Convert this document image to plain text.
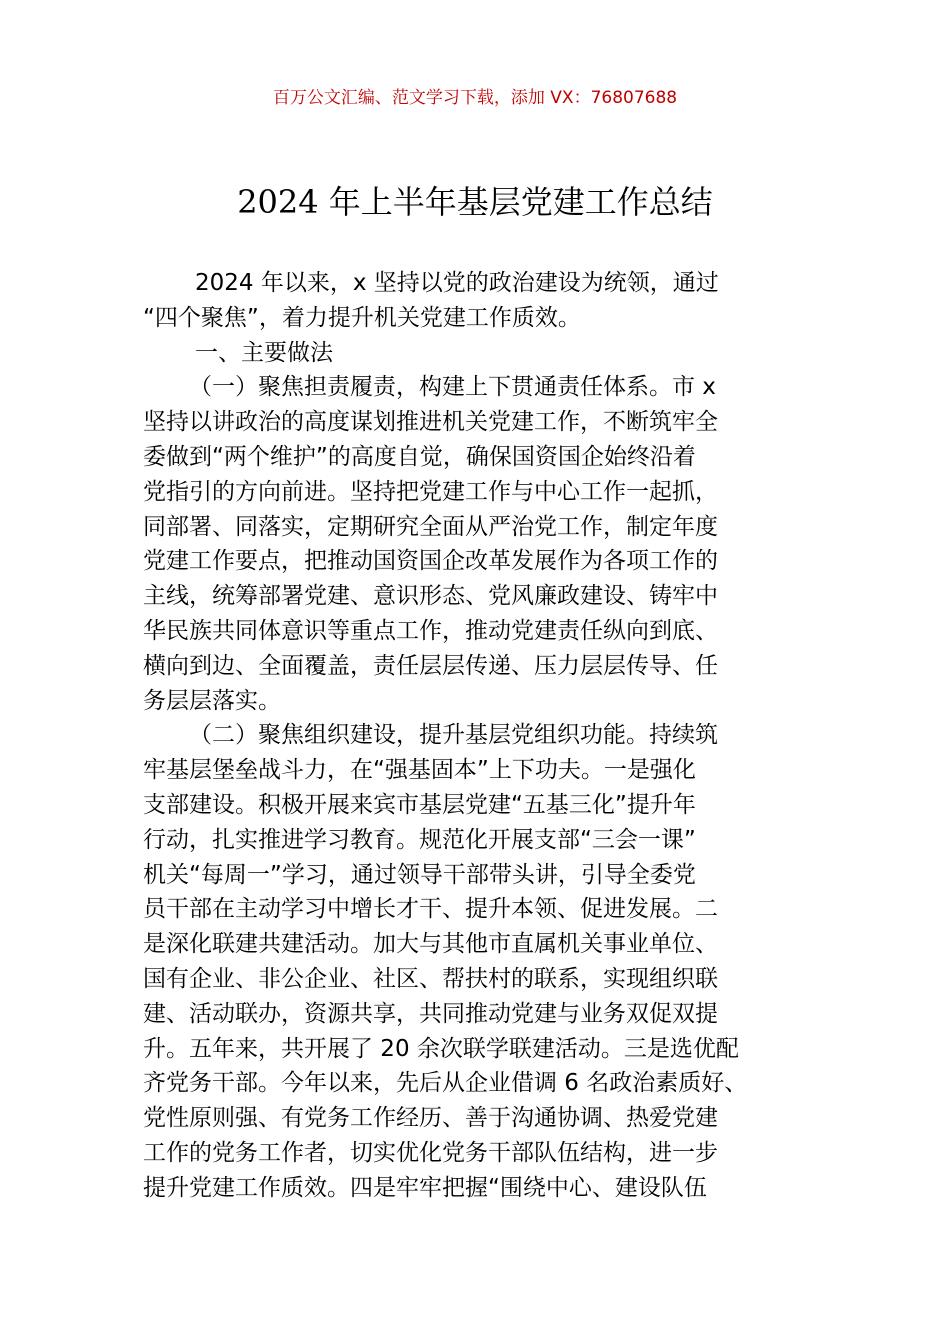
百万公文汇编、范文学习下载，添加 VX：76807688
2024 年上半年基层党建工作总结
2024 年以来，x 坚持以党的政治建设为统领，通过
“四个聚焦”，着力提升机关党建工作质效。
一、主要做法
（一）聚焦担责履责，构建上下贯通责任体系。市 x
坚持以讲政治的高度谋划推进机关党建工作，不断筑牢全
委做到“两个维护”的高度自觉，确保国资国企始终沿着
党指引的方向前进。坚持把党建工作与中心工作一起抓，
同部署、同落实，定期研究全面从严治党工作，制定年度
党建工作要点，把推动国资国企改革发展作为各项工作的
主线，统筹部署党建、意识形态、党风廉政建设、铸牢中
华民族共同体意识等重点工作，推动党建责任纵向到底、
横向到边、全面覆盖，责任层层传递、压力层层传导、任
务层层落实。
（二）聚焦组织建设，提升基层党组织功能。持续筑
牢基层堡垒战斗力，在“强基固本”上下功夫。一是强化
支部建设。积极开展来宾市基层党建“五基三化”提升年
行动，扎实推进学习教育。规范化开展支部“三会一课”
机关“每周一”学习，通过领导干部带头讲，引导全委党
员干部在主动学习中增长才干、提升本领、促进发展。二
是深化联建共建活动。加大与其他市直属机关事业单位、
国有企业、非公企业、社区、帮扶村的联系，实现组织联
建、活动联办，资源共享，共同推动党建与业务双促双提
升。五年来，共开展了 20 余次联学联建活动。三是选优配
齐党务干部。今年以来，先后从企业借调 6 名政治素质好、
党性原则强、有党务工作经历、善于沟通协调、热爱党建
工作的党务工作者，切实优化党务干部队伍结构，进一步
提升党建工作质效。四是牢牢把握“围绕中心、建设队伍
